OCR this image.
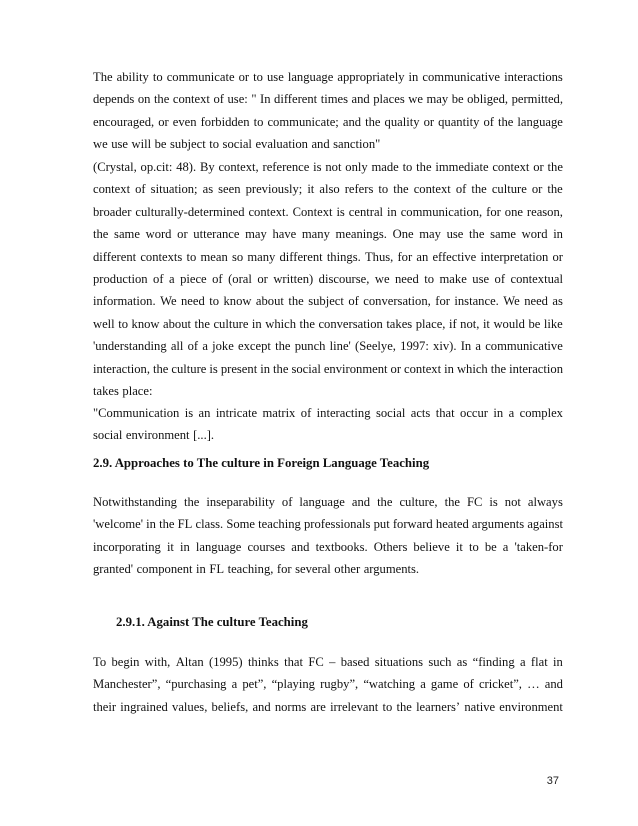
The ability to communicate or to use language appropriately in communicative interactions
depends on the context of use: " In different times and places we may be obliged, permitted,
encouraged, or even forbidden to communicate; and the quality or quantity of the language
we use will be subject to social evaluation and sanction"
(Crystal, op.cit: 48). By context, reference is not only made to the immediate context or the
context of situation; as seen previously; it also refers to the context of the culture or the
broader culturally-determined context. Context is central in communication, for one reason,
the same word or utterance may have many meanings. One may use the same word in
different contexts to mean so many different things. Thus, for an effective interpretation or
production of a piece of (oral or written) discourse, we need to make use of contextual
information. We need to know about the subject of conversation, for instance. We need as
well to know about the culture in which the conversation takes place, if not, it would be like
'understanding all of a joke except the punch line' (Seelye, 1997: xiv). In a communicative
interaction, the culture is present in the social environment or context in which the interaction
takes place:
"Communication is an intricate matrix of interacting social acts that occur in a complex
social environment [...].
2.9. Approaches to The culture in Foreign Language Teaching
Notwithstanding the inseparability of language and the culture, the FC is not always
'welcome' in the FL class. Some teaching professionals put forward heated arguments against
incorporating it in language courses and textbooks. Others believe it to be a 'taken-for
granted' component in FL teaching, for several other arguments.
2.9.1. Against The culture Teaching
To begin with, Altan (1995) thinks that FC – based situations such as “finding a flat in
Manchester”, “purchasing a pet”, “playing rugby”, “watching a game of cricket”, … and
their ingrained values, beliefs, and norms are irrelevant to the learners’ native environment
37
